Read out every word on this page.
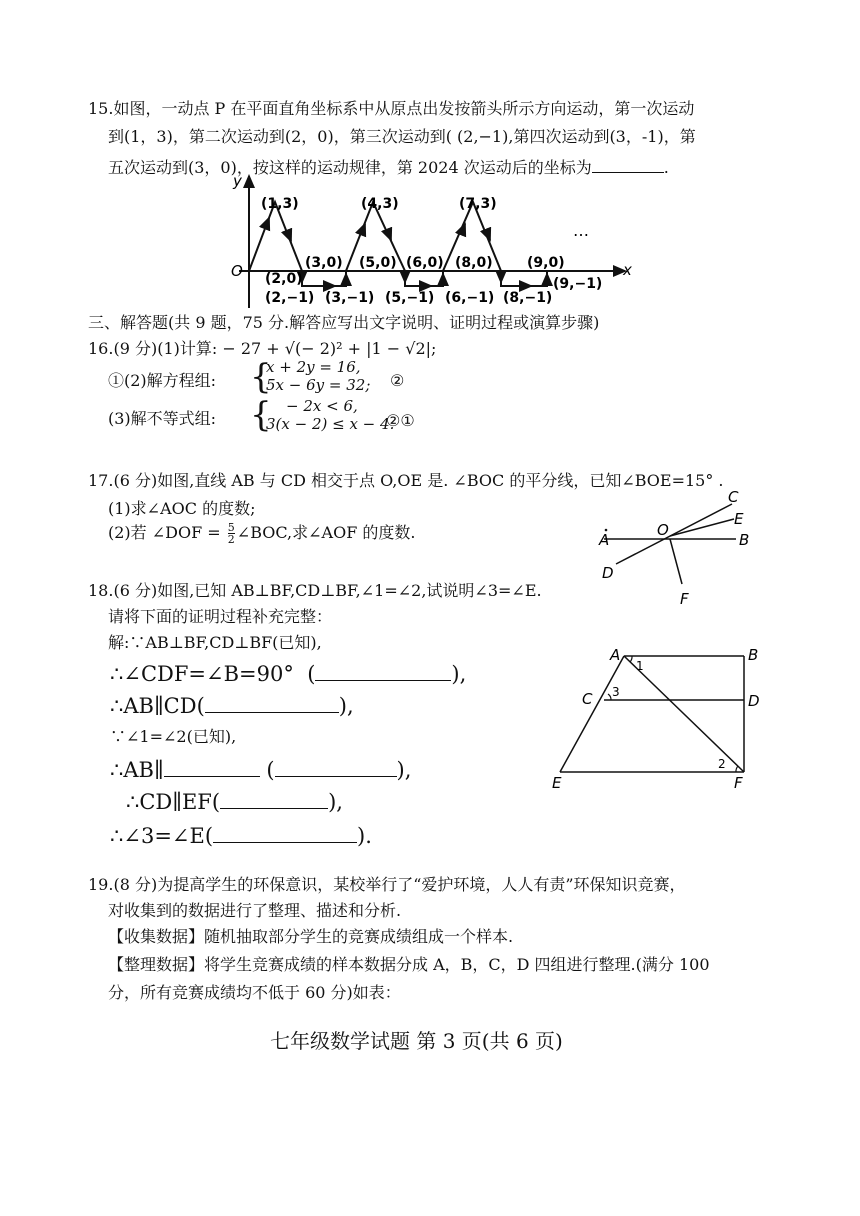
15.如图，一动点 P 在平面直角坐标系中从原点出发按箭头所示方向运动，第一次运动
到(1，3)，第二次运动到(2，0)，第三次运动到( (2,−1),第四次运动到(3，-1)，第
五次运动到(3，0)，按这样的运动规律，第 2024 次运动后的坐标为	.
y
x
O
…
(1,3)	(4,3)	(7,3)
(3,0) (5,0) (6,0) (8,0) (9,0)
(2,0)
(2,−1) (3,−1) (5,−1) (6,−1) (8,−1)
(9,−1)
三、解答题(共 9 题，75 分.解答应写出文字说明、证明过程或演算步骤)
16.(9 分)(1)计算: − 27 + √(− 2)² + |1 − √2|;
①(2)解方程组: {
x + 2y = 16,
5x − 6y = 32; ②
(3)解不等式组: { − 2x < 6,
3(x − 2) ≤ x − 4.
②①
17.(6 分)如图,直线 AB 与 CD 相交于点 O,OE 是. ∠BOC 的平分线，已知∠BOE=15° .
(1)求∠AOC 的度数;
(2)若 ∠DOF = $\frac{5}{2}$ ∠BOC,求∠AOF 的度数.	A	B
C
D
E
F
O
18.(6 分)如图,已知 AB⊥BF,CD⊥BF,∠1=∠2,试说明∠3=∠E.
请将下面的证明过程补充完整：
解:∵AB⊥BF,CD⊥BF(已知),
∴∠CDF=∠B=90°  (	),
∴AB∥CD(	),
∵∠1=∠2(已知),
∴AB∥	(	),
∴CD∥EF(	),
∴∠3=∠E(	).
A	B
C	D
E	F
1
2
3
19.(8 分)为提高学生的环保意识，某校举行了“爱护环境，人人有责”环保知识竞赛，
对收集到的数据进行了整理、描述和分析.
【收集数据】随机抽取部分学生的竞赛成绩组成一个样本.
【整理数据】将学生竞赛成绩的样本数据分成 A，B，C，D 四组进行整理.(满分 100
分，所有竞赛成绩均不低于 60 分)如表：
七年级数学试题 第 3 页(共 6 页)
